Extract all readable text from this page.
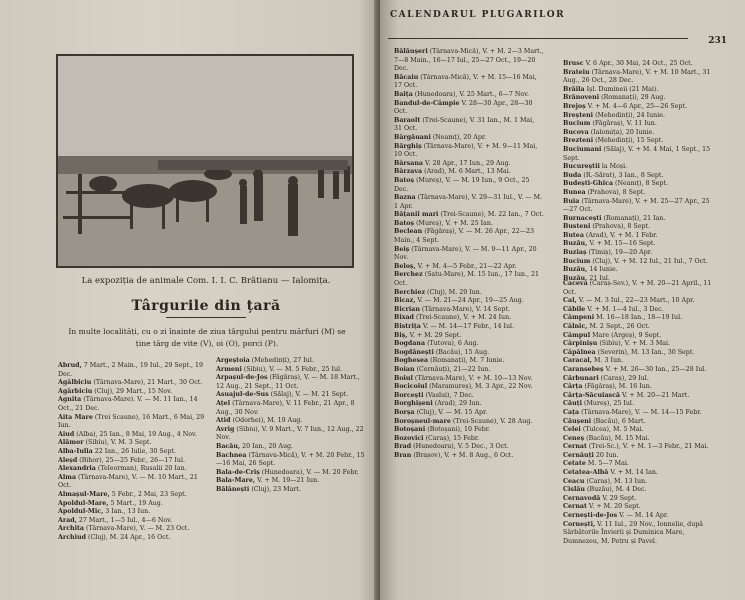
La expoziția de animale Com. I. I. C. Brătianu — Ialomița.
Târgurile din țară
In multe localități, cu o zi înainte de ziua târgului pentru mărfuri (M) se ține târg de vite (V), oi (O), porci (P).

Abrud, 7 Mart., 2 Main., 19 Iul., 29 Sept., 19 Dec.

Agâlbiciu (Târnava-Mare), 21 Mart., 30 Oct.

Agârbiciu (Cluj), 29 Mart., 15 Nov.

Agnita (Târnava-Mare). V. — M. 11 Ian., 14 Oct., 21 Dec.

Aita Mare (Trei Scaune), 16 Mart., 6 Mai, 29 Iun.

Aiud (Alba), 25 Ian., 8 Mai, 19 Aug., 4 Nov.

Alămor (Sibiu), V. M. 3 Sept.

Alba-Iulia 22 Ian., 26 Iulie, 30 Sept.

Aleșd (Bihor), 25—25 Febr., 26—17 Iul.

Alexandria (Teleorman), Rusalii 20 Ian.

Alma (Târnava-Mare), V. — M. 10 Mart., 21 Oct.

Almașul-Mare, 5 Febr., 2 Mai, 23 Sept.

Apoldul-Mare, 5 Mart., 19 Aug.

Apoldul-Mic, 3 Ian., 13 Iun.

Arad, 27 Mart., 1—5 Iul., 4—6 Nov.

Archita (Târnava-Mare), V. — M. 23 Oct.

Archiud (Cluj), M. 24 Apr., 16 Oct.

Argeștoia (Mehedinți), 27 Iul.

Armeni (Sibiu), V. — M. 5 Febr., 25 Iul.

Arpașul-de-Jos (Făgăraș), V. — M. 18 Mart., 12 Aug., 21 Sept., 11 Oct.

Asuajul-de-Sus (Sălaj), V. — M. 21 Sept.

Ațel (Târnava-Mare), V. 11 Febr., 21 Apr., 8 Aug., 30 Nov.

Atid (Odorhei), M. 19 Aug.

Avrig (Sibiu), V. 9 Mart., V. 7 Iun., 12 Aug., 22 Nov.

Bacău, 20 Ian., 20 Aug.

Bachnea (Târnava-Mică), V. + M. 20 Febr., 15—16 Mai, 26 Sept.

Bala-de-Criș (Hunedoara), V. — M. 20 Febr.

Bala-Mare, V. + M. 19—21 Iun.

Bălănești (Cluj), 23 Mart.

CALENDARUL PLUGARILOR
231

Bălăușeri (Târnava-Mică), V. + M. 2—3 Mart., 7—8 Main., 16—17 Iul., 25—27 Oct., 19—20 Dec.

Băcaiu (Târnava-Mică), V. + M. 15—16 Mai, 17 Oct.

Baița (Hunedoara), V. 25 Mart., 6—7 Nov.

Bandul-de-Câmpie V. 28—30 Apr., 28—30 Oct.

Baraolt (Trei-Scaune), V. 31 Ian., M. 1 Mai, 31 Oct.

Bârgăuani (Neamț), 20 Apr.

Bărghiș (Târnava-Mare), V. + M. 9—11 Mai, 10 Oct.

Bârsana V. 28 Apr., 17 Iun., 29 Aug.

Bârzava (Arad), M. 6 Mart., 13 Mai.

Batoș (Mureș), V. — M. 19 Iun., 9 Oct., 25 Dec.

Bazna (Târnava-Mare), V. 29—31 Iul., V. — M. 1 Apr.

Bățanii mari (Trei-Scaune), M. 22 Ian., 7 Oct.

Batoș (Mureș), V. + M. 25 Ian.

Beclean (Făgăraș), V. — M. 26 Apr., 22—23 Main., 4 Sept.

Beiș (Târnava-Mare), V. — M. 9—11 Apr., 20 Nov.

Beloș, V. + M. 4—5 Febr., 21—22 Apr.

Berchez (Satu-Mare), M. 15 Iun., 17 Iun., 21 Oct.

Berchiez (Cluj), M. 29 Iun.

Bicaz, V. — M. 21—24 Apr., 19—25 Aug.

Bicrian (Târnava-Mare), V. 14 Sept.

Bixad (Trei-Scaune), V. + M. 24 Iun.

Bistrița V. — M. 14—17 Febr., 14 Iul.

Biș, V. + M. 29 Sept.

Bogdana (Tutova), 6 Aug.

Bogdănești (Bacău), 15 Aug.

Boghesea (Romanați), M. 7 Iunie.

Boian (Cernăuți), 21—22 Iun.

Boiul (Târnava-Mare), V. + M. 10—13 Nov.

Bocicoiul (Maramureș), M. 3 Apr., 22 Nov.

Borcești (Vaslui), 7 Dec.

Borghișeni (Arad), 29 Iun.

Borșa (Cluj), V. — M. 15 Apr.

Boroșneul-mare (Trei-Scaune), V. 28 Aug.

Botoșani (Botoșani), 10 Febr.

Bozovici (Caraș), 15 Febr.

Brad (Hunedoara), V. 5 Dec., 3 Oct.

Bran (Brașov), V. + M. 8 Aug., 6 Oct.

Brusc V. 6 Apr., 30 Mai, 24 Oct., 25 Oct.

Brateiu (Târnava-Mare), V. + M. 10 Mart., 31 Aug., 26 Oct., 28 Dec.

Brăila Ișl. Dumineii (21 Mai).

Brănoveni (Romanați), 29 Aug.

Brejoș V. + M. 4—6 Apr., 25—26 Sept.

Breșteni (Mehedinți), 24 Iunie.

Bucium (Făgăraș), V. 11 Iun.

Bucova (Ialomița), 20 Iunie.

Brezteni (Mehedinți), 15 Sept.

Buciumani (Sălaj), V. + M. 4 Mai, 1 Sept., 15 Sept.

Bucureștii la Moși.

Buda (R.-Sărat), 3 Ian., 8 Sept.

Budești-Ghica (Neamț), 8 Sept.

Bunea (Prahova), 8 Sept.

Buia (Târnava-Mare), V. + M. 25—27 Apr., 25—27 Oct.

Burnacești (Romanați), 21 Ian.

Busteni (Prahova), 8 Sept.

Butea (Arad), V. + M. 1 Febr.

Buzău, V. + M. 15—16 Sept.

Buziaș (Timiș), 19—20 Apr.

Bucium (Cluj), V. + M. 12 Iul., 21 Iul., 7 Oct.

Buzău, 14 Iunie.

Buzău, 21 Iul.

Caceva (Caraș-Sev.), V. + M. 20—21 April., 11 Oct.

Cal, V. — M. 3 Iul., 22—23 Mart., 10 Apr.

Căbile V. + M. 1—4 Iul., 3 Dec.

Câmpeni M. 16—18 Ian., 18—19 Iul.

Câlnic, M. 2 Sept., 26 Oct.

Câmpul Mare (Argeș), 9 Sept.

Cârpinișu (Sibiu), V. + M. 3 Mai.

Câpâlnea (Severin), M. 13 Ian., 30 Sept.

Caracal, M. 3 Iun.

Caransebeș V. + M. 26—30 Ian., 25—28 Iul.

Cărbunari (Caraș), 29 Iul.

Cârța (Făgăraș), M. 16 Iun.

Cârța-Săcuiască V. + M. 20—21 Mart.

Căuți (Mureș), 25 Iul.

Cața (Târnava-Mare), V. — M. 14—15 Febr.

Căușeni (Bacău), 6 Mart.

Celei (Tulcea), M. 5 Mai.

Ceneș (Bacău), M. 15 Mai.

Cernat (Trei-Sc.), V. + M. 1—3 Febr., 21 Mai.

Cernăuți 20 Iun.

Cetate M. 5—7 Mai.

Cetatea-Albă V. + M. 14 Ian.

Ceacu (Caraș), M. 13 Iun.

Cislău (Buzău), M. 4 Dec.

Cernavodă V. 29 Sept.

Cernat V. + M. 20 Sept.

Cernești-de-Jos V. — M. 14 Apr.

Cornești, V. 11 Iul., 29 Nov., Ionnelie, după Sărbătorile Învierii și Duminica Mare, Dumnezeu, M. Petru și Pavel.
